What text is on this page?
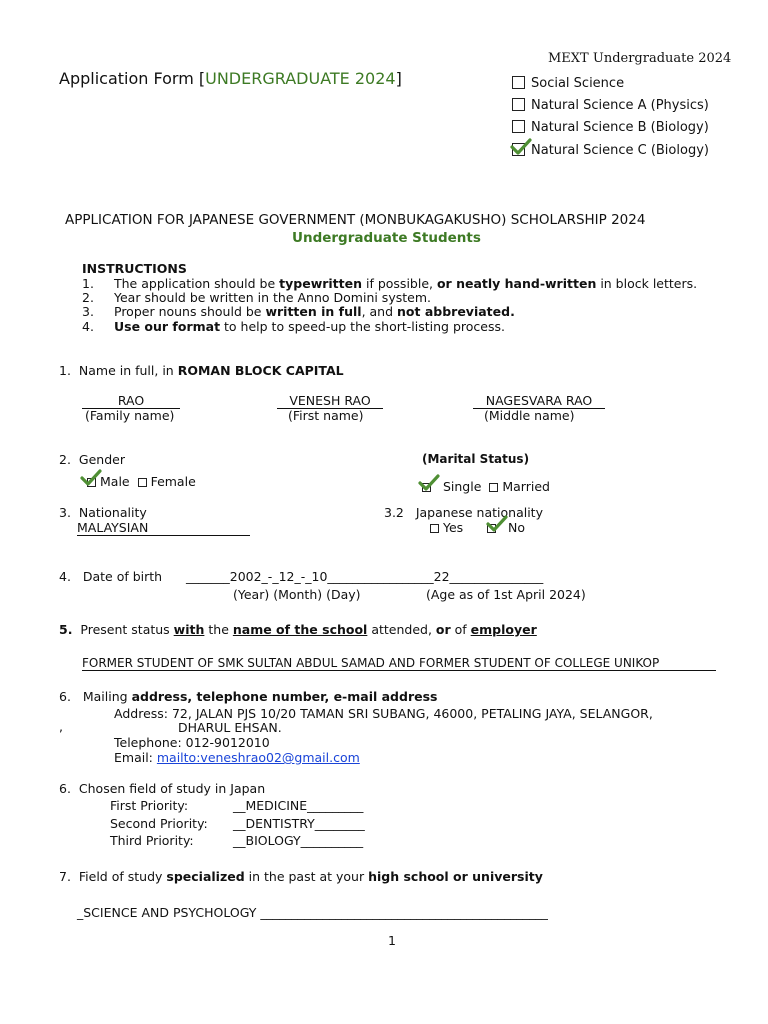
MEXT Undergraduate 2024
Application Form [UNDERGRADUATE 2024]	Social Science
Natural Science A (Physics)
Natural Science B (Biology)
Natural Science C (Biology)
APPLICATION FOR JAPANESE GOVERNMENT (MONBUKAGAKUSHO) SCHOLARSHIP 2024
Undergraduate Students
INSTRUCTIONS
1. The application should be typewritten if possible, or neatly hand-written in block letters.
2. Year should be written in the Anno Domini system.
3. Proper nouns should be written in full, and not abbreviated.
4. Use our format to help to speed-up the short-listing process.
1. Name in full, in ROMAN BLOCK CAPITAL
RAO
(Family name)
VENESH RAO
(First name)
NAGESVARA RAO
(Middle name)
2. Gender
Male Female
(Marital Status)
Single Married
3. Nationality
MALAYSIAN
3.2 Japanese nationality
Yes	No
4. Date of birth _______2002_-_12_-_10_________________22_______________
(Year) (Month) (Day)	(Age as of 1st April 2024)
5. Present status with the name of the school attended, or of employer
FORMER STUDENT OF SMK SULTAN ABDUL SAMAD AND FORMER STUDENT OF COLLEGE UNIKOP
6. Mailing address, telephone number, e-mail address
Address: 72, JALAN PJS 10/20 TAMAN SRI SUBANG, 46000, PETALING JAYA, SELANGOR,
,	DHARUL EHSAN.
Telephone: 012-9012010
Email: mailto:veneshrao02@gmail.com
6. Chosen field of study in Japan
First Priority:	__MEDICINE_________
Second Priority: __DENTISTRY________
Third Priority:	__BIOLOGY__________
7. Field of study specialized in the past at your high school or university
_SCIENCE AND PSYCHOLOGY ______________________________________________
1
